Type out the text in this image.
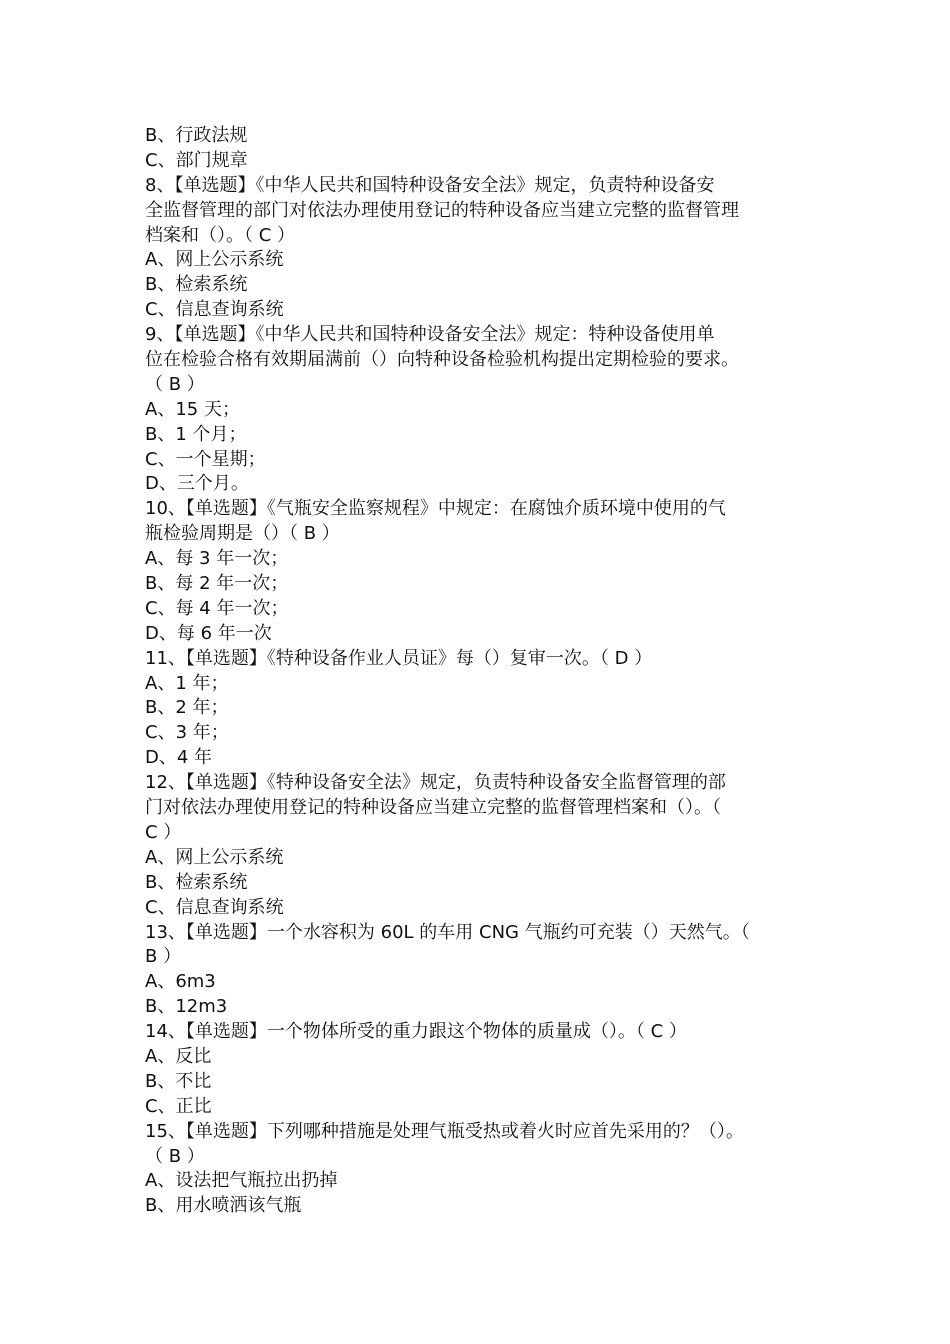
B、行政法规
C、部门规章
8、【单选题】《中华人民共和国特种设备安全法》规定，负责特种设备安
全监督管理的部门对依法办理使用登记的特种设备应当建立完整的监督管理
档案和（）。（ C ）
A、网上公示系统
B、检索系统
C、信息查询系统
9、【单选题】《中华人民共和国特种设备安全法》规定：特种设备使用单
位在检验合格有效期届满前（）向特种设备检验机构提出定期检验的要求。
（ B ）
A、15 天；
B、1 个月；
C、一个星期；
D、三个月。
10、【单选题】《气瓶安全监察规程》中规定：在腐蚀介质环境中使用的气
瓶检验周期是（）（ B ）
A、每 3 年一次；
B、每 2 年一次；
C、每 4 年一次；
D、每 6 年一次
11、【单选题】《特种设备作业人员证》每（）复审一次。（ D ）
A、1 年；
B、2 年；
C、3 年；
D、4 年
12、【单选题】《特种设备安全法》规定，负责特种设备安全监督管理的部
门对依法办理使用登记的特种设备应当建立完整的监督管理档案和（）。（
C ）
A、网上公示系统
B、检索系统
C、信息查询系统
13、【单选题】一个水容积为 60L 的车用 CNG 气瓶约可充装（）天然气。（
B ）
A、6m3
B、12m3
14、【单选题】一个物体所受的重力跟这个物体的质量成（）。（ C ）
A、反比
B、不比
C、正比
15、【单选题】下列哪种措施是处理气瓶受热或着火时应首先采用的？（）。
（ B ）
A、设法把气瓶拉出扔掉
B、用水喷洒该气瓶
